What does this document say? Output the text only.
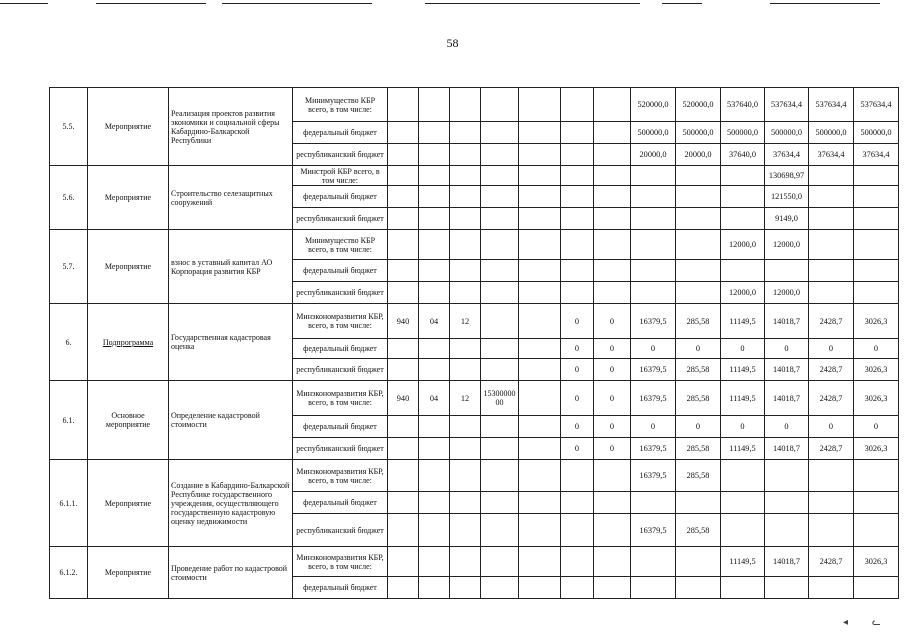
58
5.5.	Мероприятие	Реализация проектов развития экономики и социальной сферы Кабардино-Балкарской Республики	Минимущество КБР всего, в том числе:								520000,0	520000,0	537640,0	537634,4	537634,4	537634,4
			федеральный бюджет								500000,0	500000,0	500000,0	500000,0	500000,0	500000,0
			республиканский бюджет								20000,0	20000,0	37640,0	37634,4	37634,4	37634,4
5.6.	Мероприятие	Строительство селезащитных сооружений	Минстрой КБР всего, в том числе:											130698,97		
			федеральный бюджет											121550,0		
			республиканский бюджет											9149,0		
5.7.	Мероприятие	взнос в уставный капитал АО Корпорация развития КБР	Минимущество КБР всего, в том числе:										12000,0	12000,0		
			федеральный бюджет													
			республиканский бюджет										12000,0	12000,0		
6.	Подпрограмма	Государственная кадастровая оценка	Минэкономразвития КБР, всего, в том числе:	940	04	12			0	0	16379,5	285,58	11149,5	14018,7	2428,7	3026,3
			федеральный бюджет						0	0	0	0	0	0	0	0
			республиканский бюджет						0	0	16379,5	285,58	11149,5	14018,7	2428,7	3026,3
6.1.	Основное мероприятие	Определение кадастровой стоимости	Минэкономразвития КБР, всего, в том числе:	940	04	12	1530000000		0	0	16379,5	285,58	11149,5	14018,7	2428,7	3026,3
			федеральный бюджет						0	0	0	0	0	0	0	0
			республиканский бюджет						0	0	16379,5	285,58	11149,5	14018,7	2428,7	3026,3
6.1.1.	Мероприятие	Создание в Кабардино-Балкарской Республике государственного учреждения, осуществляющего государственную кадастровую оценку недвижимости	Минэкономразвития КБР, всего, в том числе:								16379,5	285,58				
			федеральный бюджет													
			республиканский бюджет								16379,5	285,58				
6.1.2.	Мероприятие	Проведение работ по кадастровой стоимости	Минэкономразвития КБР, всего, в том числе:										11149,5	14018,7	2428,7	3026,3
			федеральный бюджет													
◂ ᓚ
